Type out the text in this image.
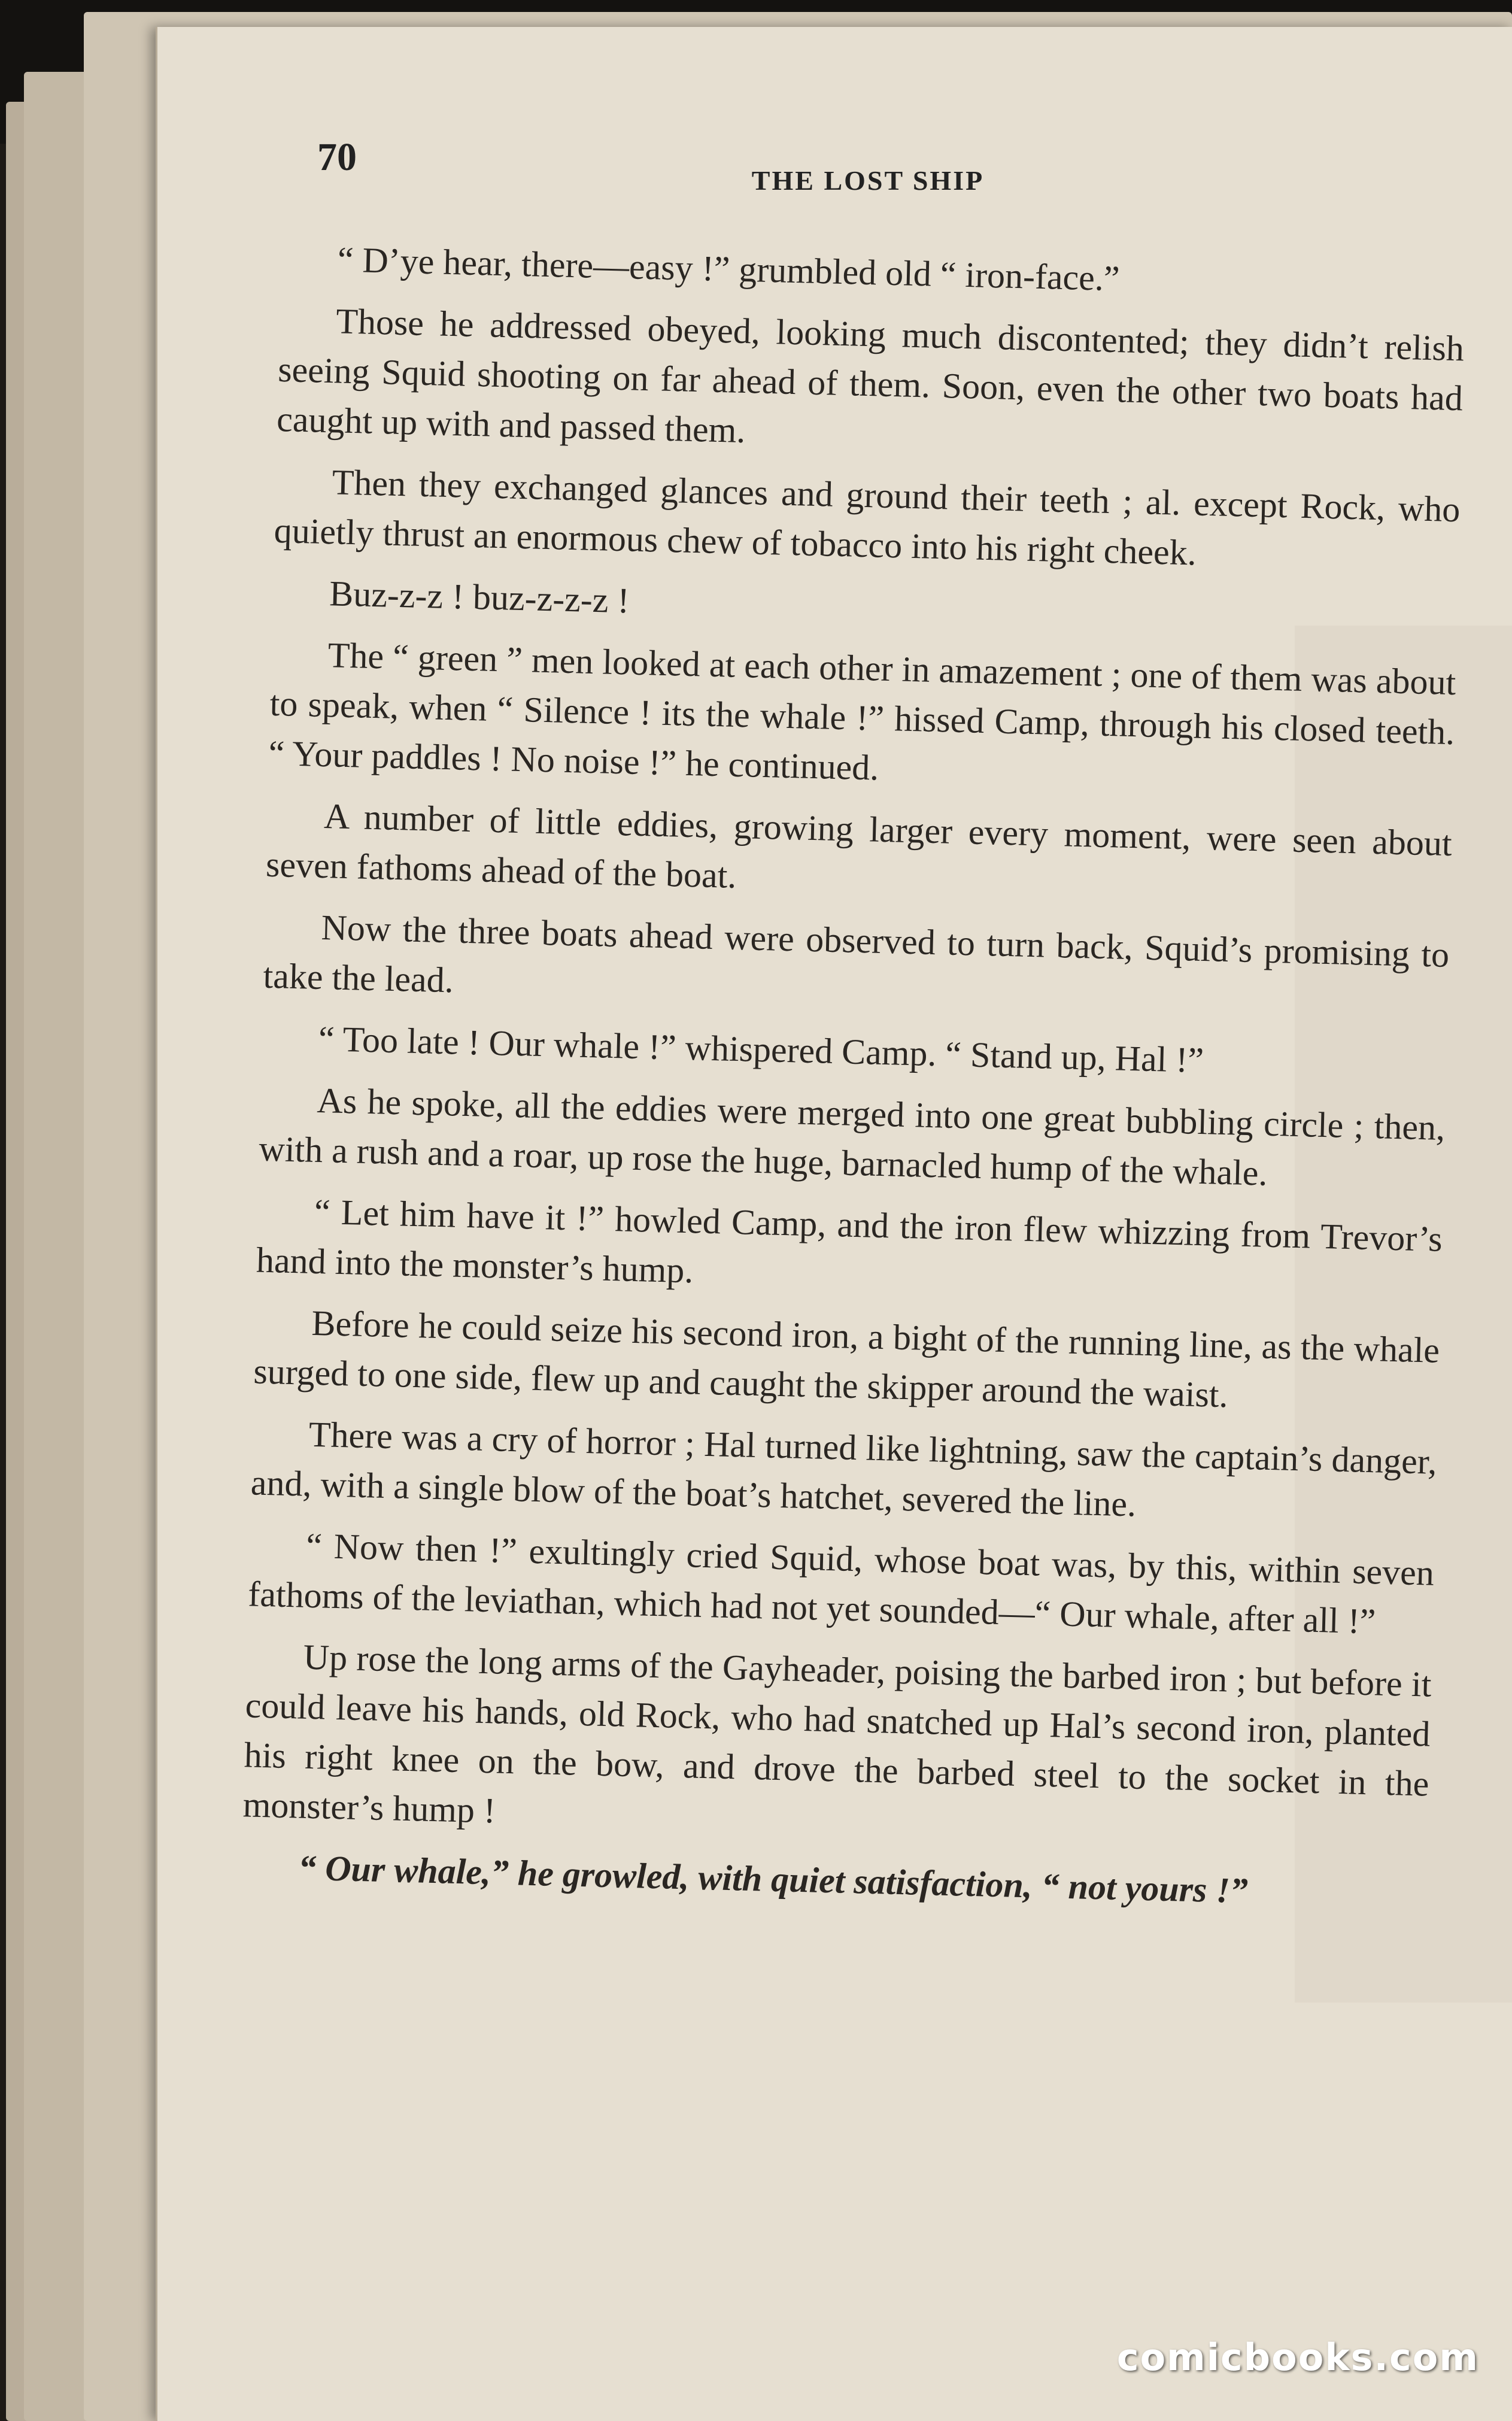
70
THE LOST SHIP

“ D’ye hear, there—easy !” grumbled old “ iron-face.”

Those he addressed obeyed, looking much discontented; they didn’t relish seeing Squid shooting on far ahead of them. Soon, even the other two boats had caught up with and passed them.

Then they exchanged glances and ground their teeth ; al. except Rock, who quietly thrust an enormous chew of tobacco into his right cheek.

Buz-z-z ! buz-z-z-z !

The “ green ” men looked at each other in amazement ; one of them was about to speak, when “ Silence ! its the whale !” hissed Camp, through his closed teeth. “ Your paddles ! No noise !” he continued.

A number of little eddies, growing larger every moment, were seen about seven fathoms ahead of the boat.

Now the three boats ahead were observed to turn back, Squid’s promising to take the lead.

“ Too late ! Our whale !” whispered Camp. “ Stand up, Hal !”

As he spoke, all the eddies were merged into one great bubbling circle ; then, with a rush and a roar, up rose the huge, barnacled hump of the whale.

“ Let him have it !” howled Camp, and the iron flew whizzing from Trevor’s hand into the monster’s hump.

Before he could seize his second iron, a bight of the running line, as the whale surged to one side, flew up and caught the skipper around the waist.

There was a cry of horror ; Hal turned like lightning, saw the captain’s danger, and, with a single blow of the boat’s hatchet, severed the line.

“ Now then !” exultingly cried Squid, whose boat was, by this, within seven fathoms of the leviathan, which had not yet sounded—“ Our whale, after all !”

Up rose the long arms of the Gayheader, poising the barbed iron ; but before it could leave his hands, old Rock, who had snatched up Hal’s second iron, planted his right knee on the bow, and drove the barbed steel to the socket in the monster’s hump !

“ Our whale,” he growled, with quiet satisfaction, “ not yours !”

comicbooks.com
